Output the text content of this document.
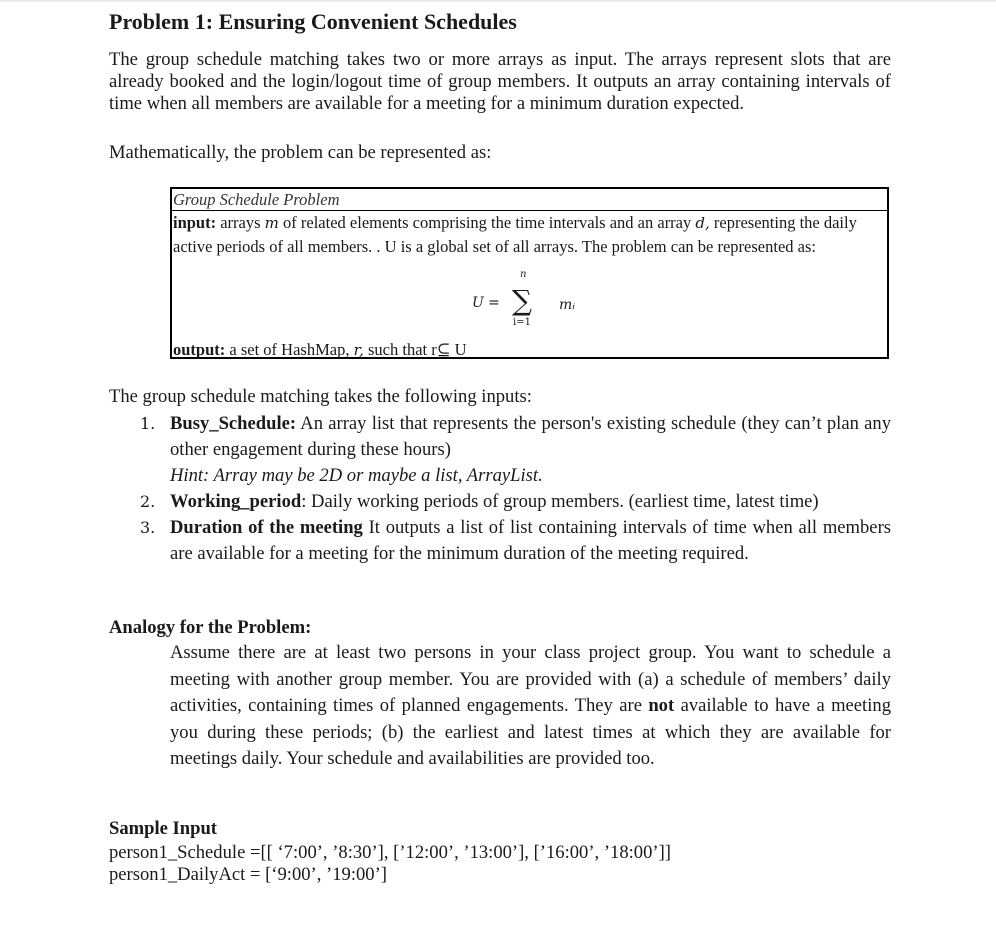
Problem 1: Ensuring Convenient Schedules

The group schedule matching takes two or more arrays as input. The arrays represent slots that are already booked and the login/logout time of group members. It outputs an array containing intervals of time when all members are available for a meeting for a minimum duration expected.

Mathematically, the problem can be represented as:

Group Schedule Problem
input: arrays m of related elements comprising the time intervals and an array d, representing the daily active periods of all members. . U is a global set of all arrays. The problem can be represented as:
U =
n
∑
i=1
mᵢ
output: a set of HashMap, r, such that r⊆ U

The group schedule matching takes the following inputs:

1. Busy_Schedule: An array list that represents the person's existing schedule (they can’t plan any other engagement during these hours)
Hint: Array may be 2D or maybe a list, ArrayList.
2. Working_period: Daily working periods of group members. (earliest time, latest time)
3. Duration of the meeting It outputs a list of list containing intervals of time when all members are available for a meeting for the minimum duration of the meeting required.

Analogy for the Problem:

Assume there are at least two persons in your class project group. You want to schedule a meeting with another group member. You are provided with (a) a schedule of members’ daily activities, containing times of planned engagements. They are not available to have a meeting you during these periods; (b) the earliest and latest times at which they are available for meetings daily. Your schedule and availabilities are provided too.

Sample Input

person1_Schedule =[[ ‘7:00’, ’8:30’], [’12:00’, ’13:00’], [’16:00’, ’18:00’]]

person1_DailyAct = [‘9:00’, ’19:00’]
